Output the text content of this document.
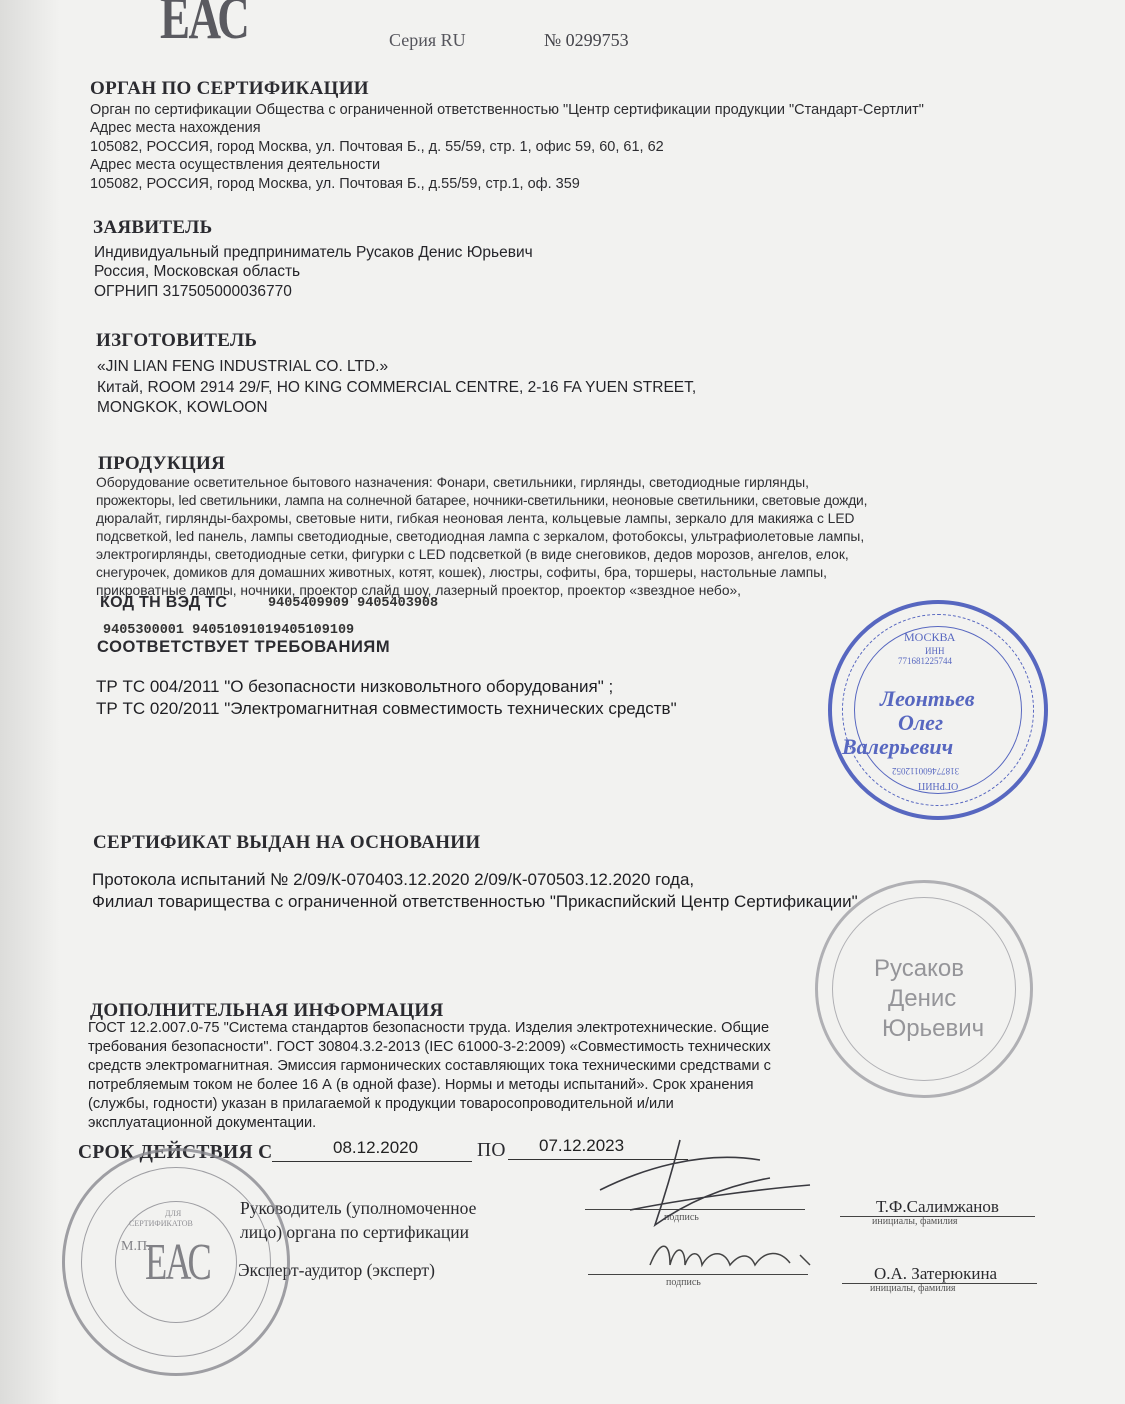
ЕАС	Серия RU	№ 0299753
ОРГАН ПО СЕРТИФИКАЦИИ
Орган по сертификации Общества с ограниченной ответственностью "Центр сертификации продукции "Стандарт-Сертлит"
Адрес места нахождения
105082, РОССИЯ, город Москва, ул. Почтовая Б., д. 55/59, стр. 1, офис 59, 60, 61, 62
Адрес места осуществления деятельности
105082, РОССИЯ, город Москва, ул. Почтовая Б., д.55/59, стр.1, оф. 359
ЗАЯВИТЕЛЬ
Индивидуальный предприниматель Русаков Денис Юрьевич
Россия, Московская область
ОГРНИП 317505000036770
ИЗГОТОВИТЕЛЬ
«JIN LIAN FENG INDUSTRIAL CO. LTD.»
Китай, ROOM 2914 29/F, HO KING COMMERCIAL CENTRE, 2-16 FA YUEN STREET,
MONGKOK, KOWLOON
ПРОДУКЦИЯ
Оборудование осветительное бытового назначения: Фонари, светильники, гирлянды, светодиодные гирлянды,
прожекторы, led светильники, лампа на солнечной батарее, ночники-светильники, неоновые светильники, световые дожди,
дюралайт, гирлянды-бахромы, световые нити, гибкая неоновая лента, кольцевые лампы, зеркало для макияжа с LED
подсветкой, led панель, лампы светодиодные, светодиодная лампа с зеркалом, фотобоксы, ультрафиолетовые лампы,
электрогирлянды, светодиодные сетки, фигурки с LED подсветкой (в виде снеговиков, дедов морозов, ангелов, елок,
снегурочек, домиков для домашних животных, котят, кошек), люстры, софиты, бра, торшеры, настольные лампы,
прикроватные лампы, ночники, проектор слайд шоу, лазерный проектор, проектор «звездное небо»,
КОД ТН ВЭД ТС	9405409909 9405403908
9405300001 94051091019405109109
СООТВЕТСТВУЕТ ТРЕБОВАНИЯМ
ТР ТС 004/2011 "О безопасности низковольтного оборудования" ;
ТР ТС 020/2011 "Электромагнитная совместимость технических средств"
СЕРТИФИКАТ ВЫДАН НА ОСНОВАНИИ
Протокола испытаний № 2/09/К-070403.12.2020 2/09/К-070503.12.2020 года,
Филиал товарищества с ограниченной ответственностью "Прикаспийский Центр Сертификации"
ДОПОЛНИТЕЛЬНАЯ ИНФОРМАЦИЯ
ГОСТ 12.2.007.0-75 "Система стандартов безопасности труда. Изделия электротехнические. Общие
требования безопасности". ГОСТ 30804.3.2-2013 (IEC 61000-3-2:2009) «Совместимость технических
средств электромагнитная. Эмиссия гармонических составляющих тока техническими средствами с
потребляемым током не более 16 А (в одной фазе). Нормы и методы испытаний». Срок хранения
(службы, годности) указан в прилагаемой к продукции товаросопроводительной и/или
эксплуатационной документации.
СРОК ДЕЙСТВИЯ С	08.12.2020	ПО 07.12.2023
Руководитель (уполномоченное
лицо) органа по сертификации
подпись
Т.Ф.Салимжанов
инициалы, фамилия
Эксперт-аудитор (эксперт)
подпись	О.А. Затерюкина
инициалы, фамилия
МОСКВА
ИНН
771681225744
Леонтьев
Олег
Валерьевич
318774600112052
ОГРНИП
Русаков
Денис
Юрьевич
ДЛЯ
СЕРТИФИКАТОВ
М.П.
ЕАС
